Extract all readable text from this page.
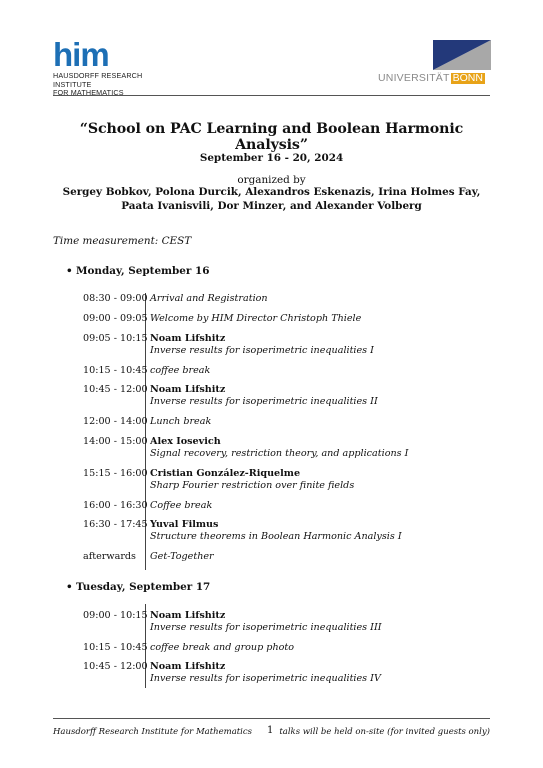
him
HAUSDORFF RESEARCH INSTITUTE
FOR MATHEMATICS
UNIVERSITÄT BONN
“School on PAC Learning and Boolean Harmonic Analysis”
September 16 - 20, 2024
organized by
Sergey Bobkov, Polona Durcik, Alexandros Eskenazis, Irina Holmes Fay,
Paata Ivanisvili, Dor Minzer, and Alexander Volberg
Time measurement: CEST
• Monday, September 16
08:30 - 09:00 Arrival and Registration
09:00 - 09:05 Welcome by HIM Director Christoph Thiele
09:05 - 10:15 Noam Lifshitz
Inverse results for isoperimetric inequalities I
10:15 - 10:45 coffee break
10:45 - 12:00 Noam Lifshitz
Inverse results for isoperimetric inequalities II
12:00 - 14:00 Lunch break
14:00 - 15:00 Alex Iosevich
Signal recovery, restriction theory, and applications I
15:15 - 16:00 Cristian González-Riquelme
Sharp Fourier restriction over finite fields
16:00 - 16:30 Coffee break
16:30 - 17:45 Yuval Filmus
Structure theorems in Boolean Harmonic Analysis I
afterwards Get-Together
• Tuesday, September 17
09:00 - 10:15 Noam Lifshitz
Inverse results for isoperimetric inequalities III
10:15 - 10:45 coffee break and group photo
10:45 - 12:00 Noam Lifshitz
Inverse results for isoperimetric inequalities IV
Hausdorff Research Institute for Mathematics 1 talks will be held on-site (for invited guests only)
